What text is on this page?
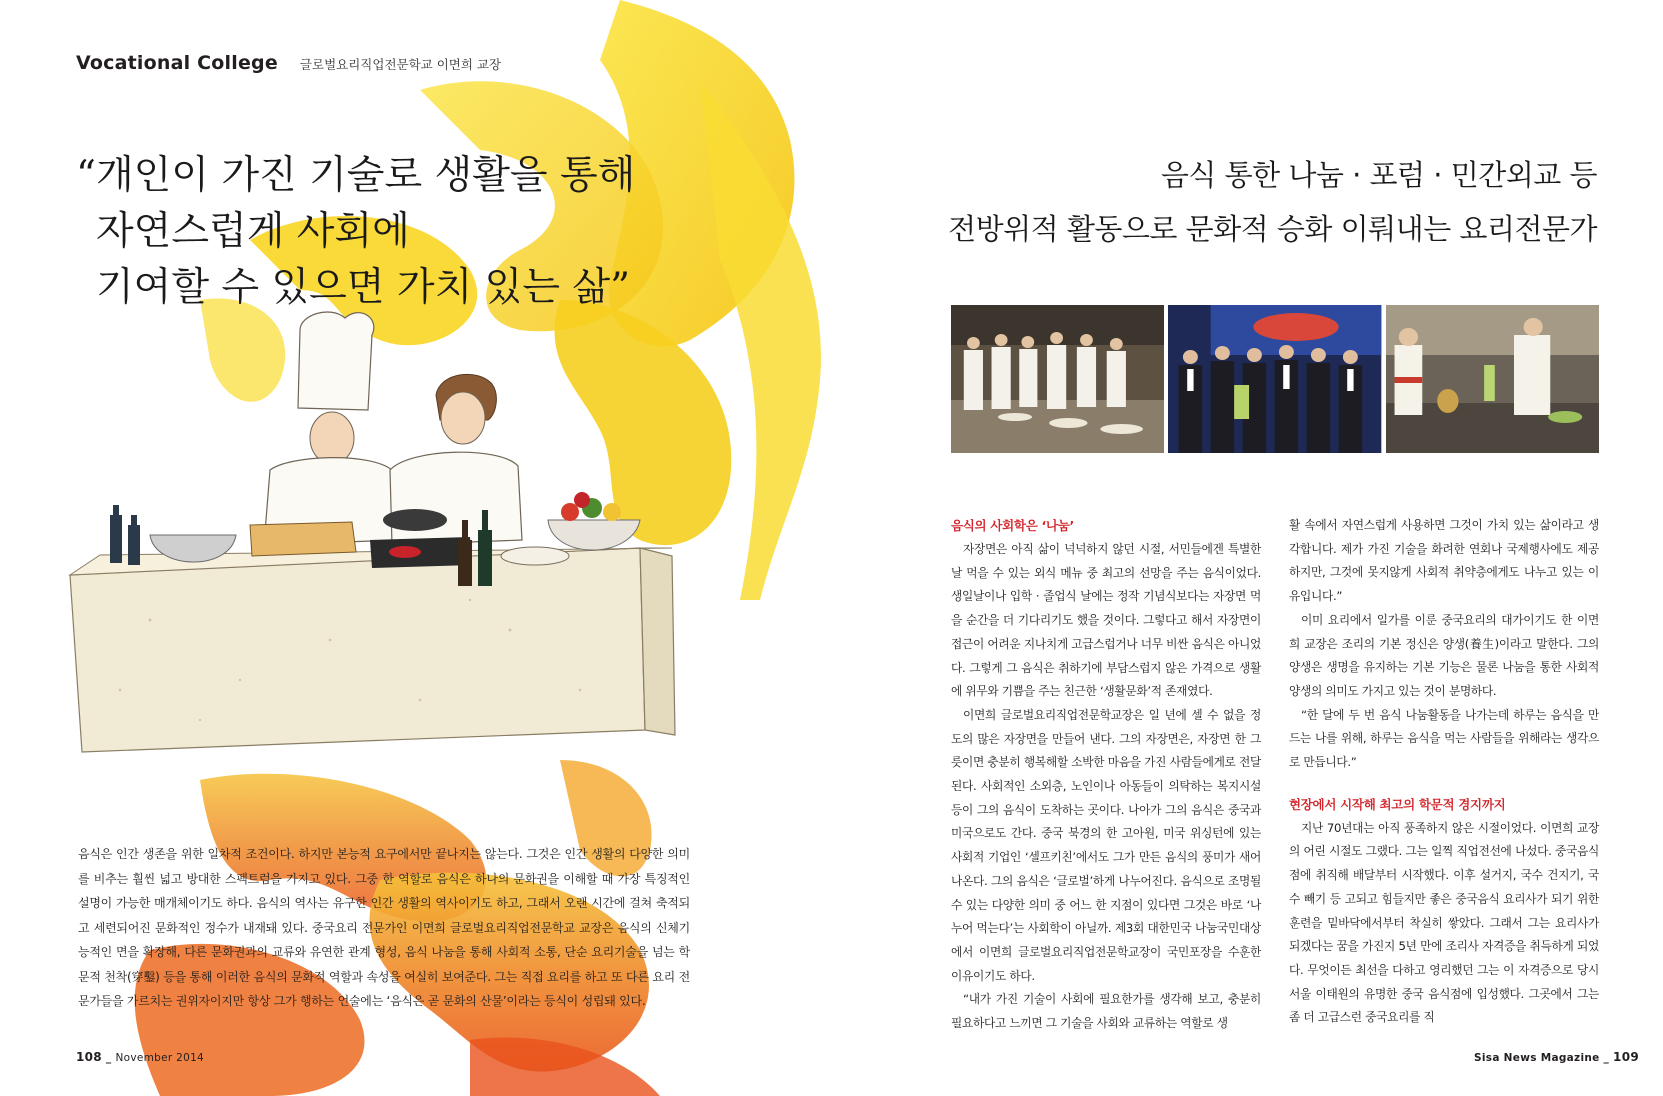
Vocational College 글로벌요리직업전문학교 이면희 교장
“개인이 가진 기술로 생활을 통해
자연스럽게 사회에
기여할 수 있으면 가치 있는 삶”
음식은 인간 생존을 위한 일차적 조건이다. 하지만 본능적 요구에서만 끝나지는 않는다. 그것은 인간 생활의 다양한 의미를 비추는 훨씬 넓고 방대한 스펙트럼을 가지고 있다. 그중 한 역할로 음식은 하나의 문화권을 이해할 때 가장 특징적인 설명이 가능한 매개체이기도 하다. 음식의 역사는 유구한 인간 생활의 역사이기도 하고, 그래서 오랜 시간에 걸쳐 축적되고 세련되어진 문화적인 정수가 내재돼 있다. 중국요리 전문가인 이면희 글로벌요리직업전문학교 교장은 음식의 신체기능적인 면을 확장해, 다른 문화권과의 교류와 유연한 관계 형성, 음식 나눔을 통해 사회적 소통, 단순 요리기술을 넘는 학문적 천착(穿鑿) 등을 통해 이러한 음식의 문화적 역할과 속성을 여실히 보여준다. 그는 직접 요리를 하고 또 다른 요리 전문가들을 가르치는 권위자이지만 항상 그가 행하는 언술에는 ‘음식은 곧 문화의 산물’이라는 등식이 성립돼 있다.
108 _ November 2014
음식 통한 나눔 · 포럼 · 민간외교 등
전방위적 활동으로 문화적 승화 이뤄내는 요리전문가
음식의 사회학은 ‘나눔’

자장면은 아직 삶이 넉넉하지 않던 시절, 서민들에겐 특별한 날 먹을 수 있는 외식 메뉴 중 최고의 선망을 주는 음식이었다. 생일날이나 입학 · 졸업식 날에는 정작 기념식보다는 자장면 먹을 순간을 더 기다리기도 했을 것이다. 그렇다고 해서 자장면이 접근이 어려운 지나치게 고급스럽거나 너무 비싼 음식은 아니었다. 그렇게 그 음식은 취하기에 부담스럽지 않은 가격으로 생활에 위무와 기쁨을 주는 친근한 ‘생활문화’적 존재였다.

이면희 글로벌요리직업전문학교장은 일 년에 셀 수 없을 정도의 많은 자장면을 만들어 낸다. 그의 자장면은, 자장면 한 그릇이면 충분히 행복해할 소박한 마음을 가진 사람들에게로 전달된다. 사회적인 소외층, 노인이나 아동들이 의탁하는 복지시설 등이 그의 음식이 도착하는 곳이다. 나아가 그의 음식은 중국과 미국으로도 간다. 중국 북경의 한 고아원, 미국 위싱턴에 있는 사회적 기업인 ‘셀프키친’에서도 그가 만든 음식의 풍미가 새어나온다. 그의 음식은 ‘글로벌’하게 나누어진다. 음식으로 조명될 수 있는 다양한 의미 중 어느 한 지점이 있다면 그것은 바로 ‘나누어 먹는다’는 사회학이 아닐까. 제3회 대한민국 나눔국민대상에서 이면희 글로벌요리직업전문학교장이 국민포장을 수훈한 이유이기도 하다.

“내가 가진 기술이 사회에 필요한가를 생각해 보고, 충분히 필요하다고 느끼면 그 기술을 사회와 교류하는 역할로 생

활 속에서 자연스럽게 사용하면 그것이 가치 있는 삶이라고 생각합니다. 제가 가진 기술을 화려한 연회나 국제행사에도 제공하지만, 그것에 못지않게 사회적 취약층에게도 나누고 있는 이유입니다.”

이미 요리에서 일가를 이룬 중국요리의 대가이기도 한 이면희 교장은 조리의 기본 정신은 양생(養生)이라고 말한다. 그의 양생은 생명을 유지하는 기본 기능은 물론 나눔을 통한 사회적 양생의 의미도 가지고 있는 것이 분명하다.

“한 달에 두 번 음식 나눔활동을 나가는데 하루는 음식을 만드는 나를 위해, 하루는 음식을 먹는 사람들을 위해라는 생각으로 만듭니다.”

현장에서 시작해 최고의 학문적 경지까지

지난 70년대는 아직 풍족하지 않은 시절이었다. 이면희 교장의 어린 시절도 그랬다. 그는 일찍 직업전선에 나섰다. 중국음식점에 취직해 배달부터 시작했다. 이후 설거지, 국수 건지기, 국수 빼기 등 고되고 힘들지만 좋은 중국음식 요리사가 되기 위한 훈련을 밑바닥에서부터 착실히 쌓았다. 그래서 그는 요리사가 되겠다는 꿈을 가진지 5년 만에 조리사 자격증을 취득하게 되었다. 무엇이든 최선을 다하고 영리했던 그는 이 자격증으로 당시 서울 이태원의 유명한 중국 음식점에 입성했다. 그곳에서 그는 좀 더 고급스런 중국요리를 직

Sisa News Magazine _ 109
